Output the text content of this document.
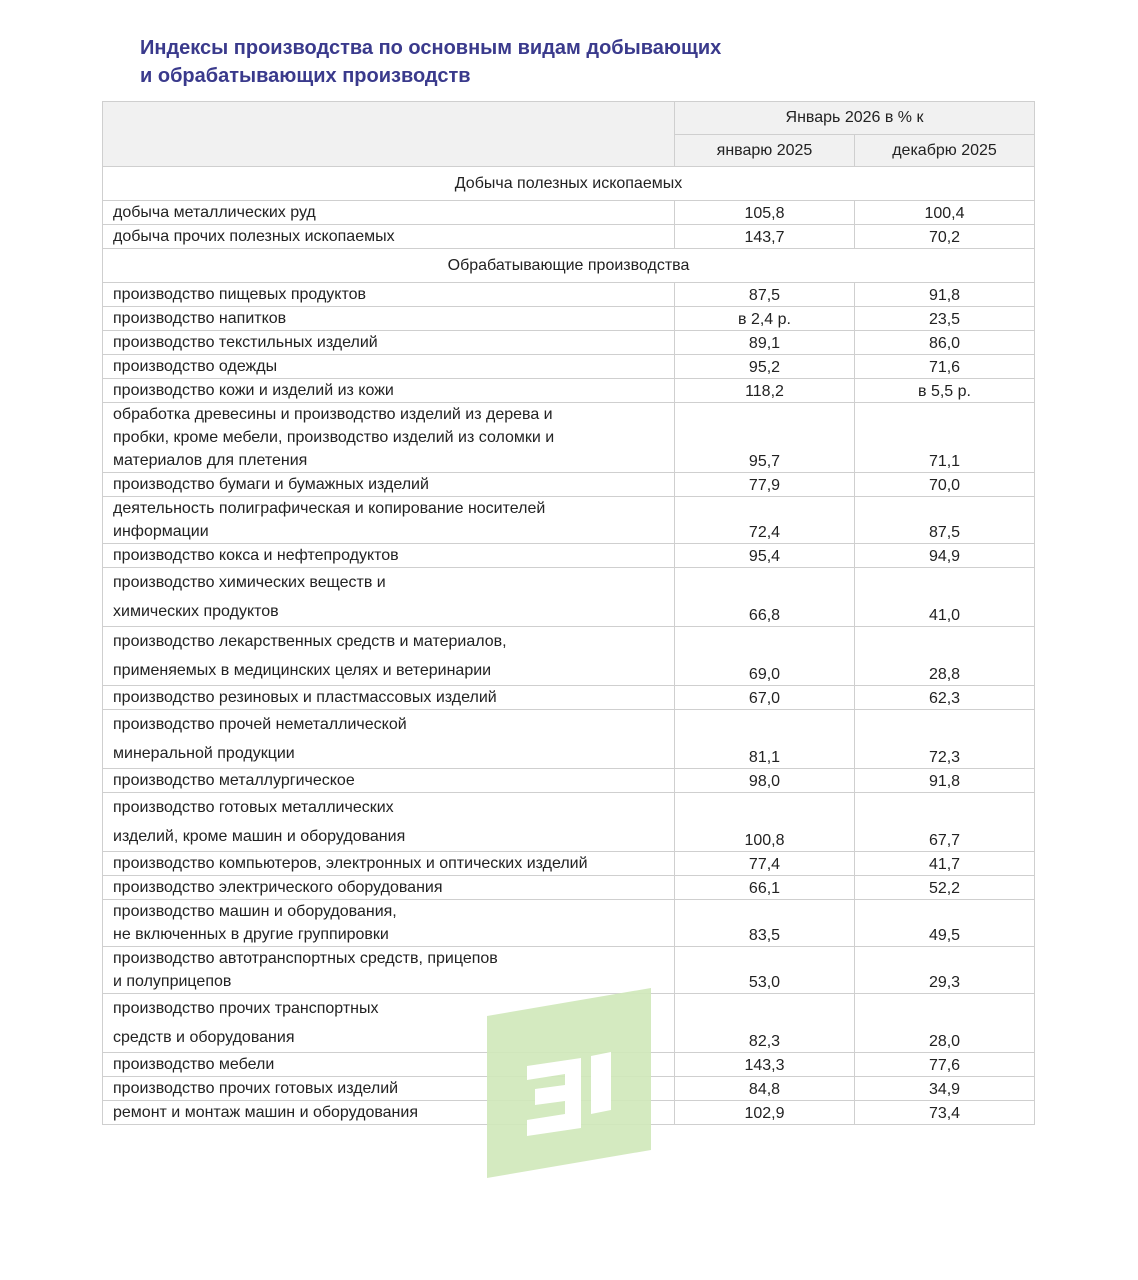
Индексы производства по основным видам добывающих
и обрабатывающих производств
	Январь 2026 в % к	
	январю 2025	декабрю 2025
Добыча полезных ископаемых		

добыча металлических руд	105,8	100,4

добыча прочих полезных ископаемых	143,7	70,2
Обрабатывающие производства		

производство пищевых продуктов	87,5	91,8

производство напитков	в 2,4 р.	23,5

производство текстильных изделий	89,1	86,0

производство одежды	95,2	71,6

производство кожи и изделий из кожи	118,2	в 5,5 р.

обработка древесины и производство изделий из дерева и
пробки, кроме мебели, производство изделий из соломки и
материалов для плетения	95,7	71,1

производство бумаги и бумажных изделий	77,9	70,0

деятельность полиграфическая и копирование носителей
информации	72,4	87,5

производство кокса и нефтепродуктов	95,4	94,9

производство химических веществ и
химических продуктов	66,8	41,0

производство лекарственных средств и материалов,
применяемых в медицинских целях и ветеринарии	69,0	28,8

производство резиновых и пластмассовых изделий	67,0	62,3

производство прочей неметаллической
минеральной продукции	81,1	72,3

производство металлургическое	98,0	91,8

производство готовых металлических
изделий, кроме машин и оборудования	100,8	67,7

производство компьютеров, электронных и оптических изделий	77,4	41,7

производство электрического оборудования	66,1	52,2

производство машин и оборудования,
не включенных в другие группировки	83,5	49,5

производство автотранспортных средств, прицепов
и полуприцепов	53,0	29,3

производство прочих транспортных
средств и оборудования	82,3	28,0

производство мебели	143,3	77,6

производство прочих готовых изделий	84,8	34,9

ремонт и монтаж машин и оборудования	102,9	73,4
